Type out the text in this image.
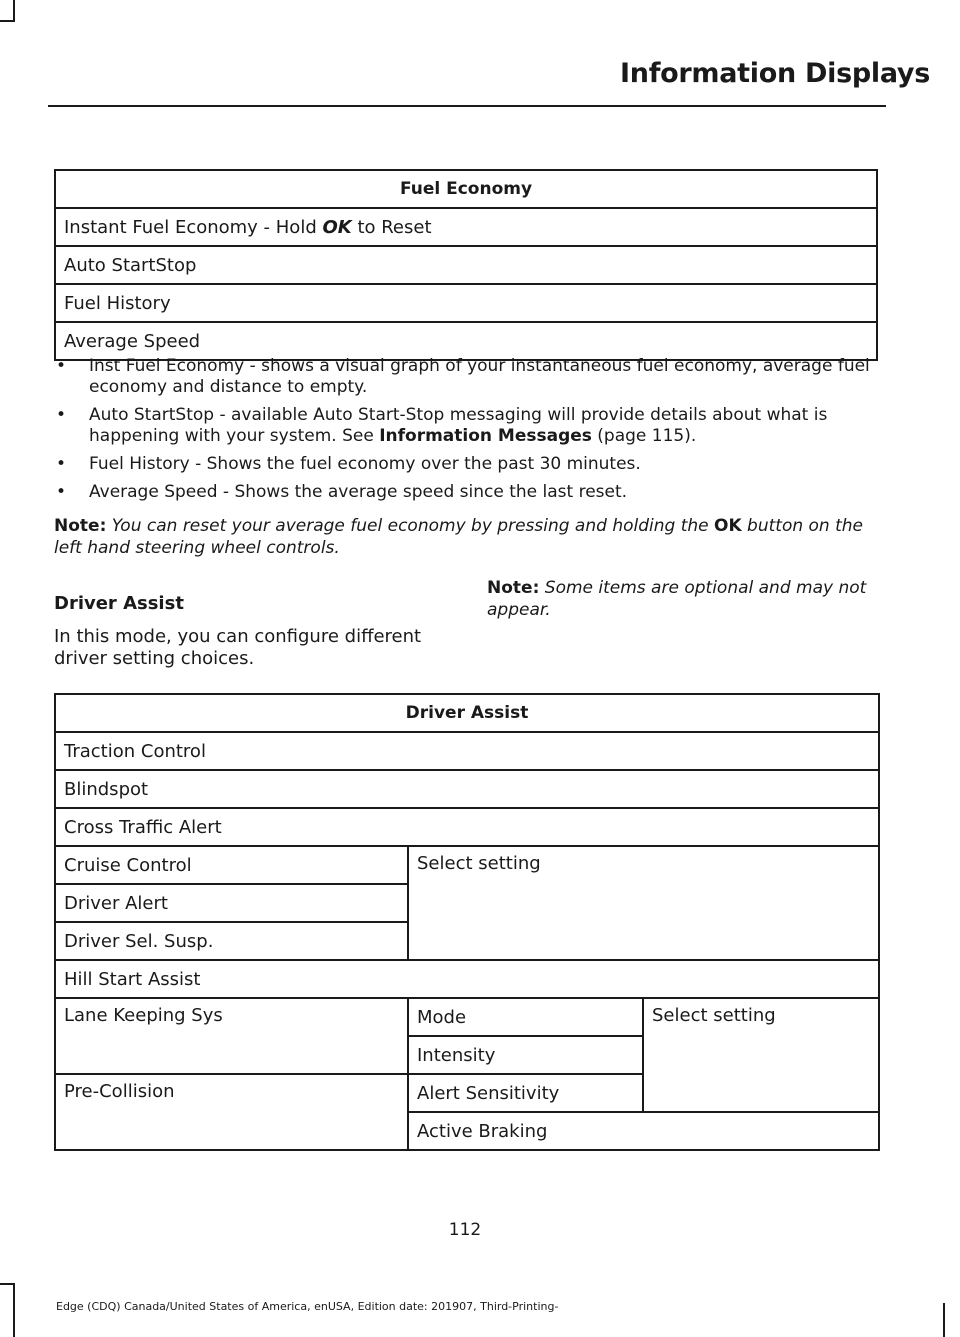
Information Displays
Fuel Economy
Instant Fuel Economy - Hold OK to Reset
Auto StartStop
Fuel History
Average Speed
• Inst Fuel Economy - shows a visual graph of your instantaneous fuel economy, average fuel economy and distance to empty.
• Auto StartStop - available Auto Start-Stop messaging will provide details about what is happening with your system. See Information Messages (page 115).
• Fuel History - Shows the fuel economy over the past 30 minutes.
• Average Speed - Shows the average speed since the last reset.
Note: You can reset your average fuel economy by pressing and holding the OK button on the left hand steering wheel controls.
Driver Assist

In this mode, you can configure different driver setting choices.

Note: Some items are optional and may not appear.
Driver Assist		
Traction Control		
Blindspot		
Cross Traffic Alert		
Cruise Control	Select setting	
Driver Alert		
Driver Sel. Susp.		
Hill Start Assist		
Lane Keeping Sys	Mode	Select setting
	Intensity	
Pre-Collision	Alert Sensitivity	
	Active Braking	
112
Edge (CDQ) Canada/United States of America, enUSA, Edition date: 201907, Third-Printing-
